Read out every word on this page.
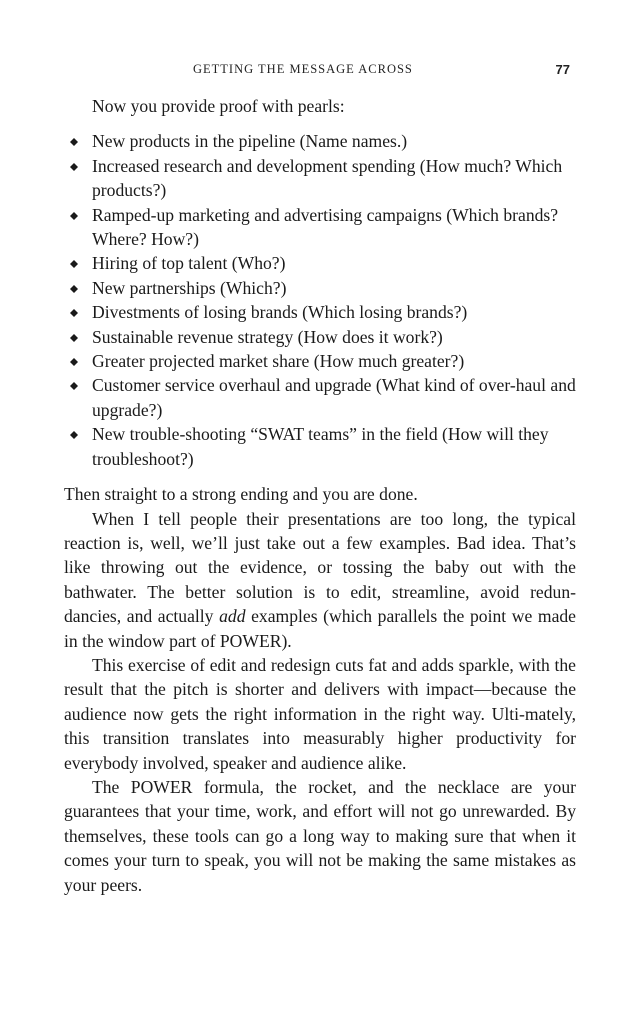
GETTING THE MESSAGE ACROSS	77

Now you provide proof with pearls:

New products in the pipeline (Name names.)
Increased research and development spending (How much? Which products?)
Ramped-up marketing and advertising campaigns (Which brands? Where? How?)
Hiring of top talent (Who?)
New partnerships (Which?)
Divestments of losing brands (Which losing brands?)
Sustainable revenue strategy (How does it work?)
Greater projected market share (How much greater?)
Customer service overhaul and upgrade (What kind of over-haul and upgrade?)
New trouble-shooting “SWAT teams” in the field (How will they troubleshoot?)

Then straight to a strong ending and you are done.

When I tell people their presentations are too long, the typical reaction is, well, we’ll just take out a few examples. Bad idea. That’s like throwing out the evidence, or tossing the baby out with the bathwater. The better solution is to edit, streamline, avoid redun-dancies, and actually add examples (which parallels the point we made in the window part of POWER).

This exercise of edit and redesign cuts fat and adds sparkle, with the result that the pitch is shorter and delivers with impact—because the audience now gets the right information in the right way. Ulti-mately, this transition translates into measurably higher productivity for everybody involved, speaker and audience alike.

The POWER formula, the rocket, and the necklace are your guarantees that your time, work, and effort will not go unrewarded. By themselves, these tools can go a long way to making sure that when it comes your turn to speak, you will not be making the same mistakes as your peers.
